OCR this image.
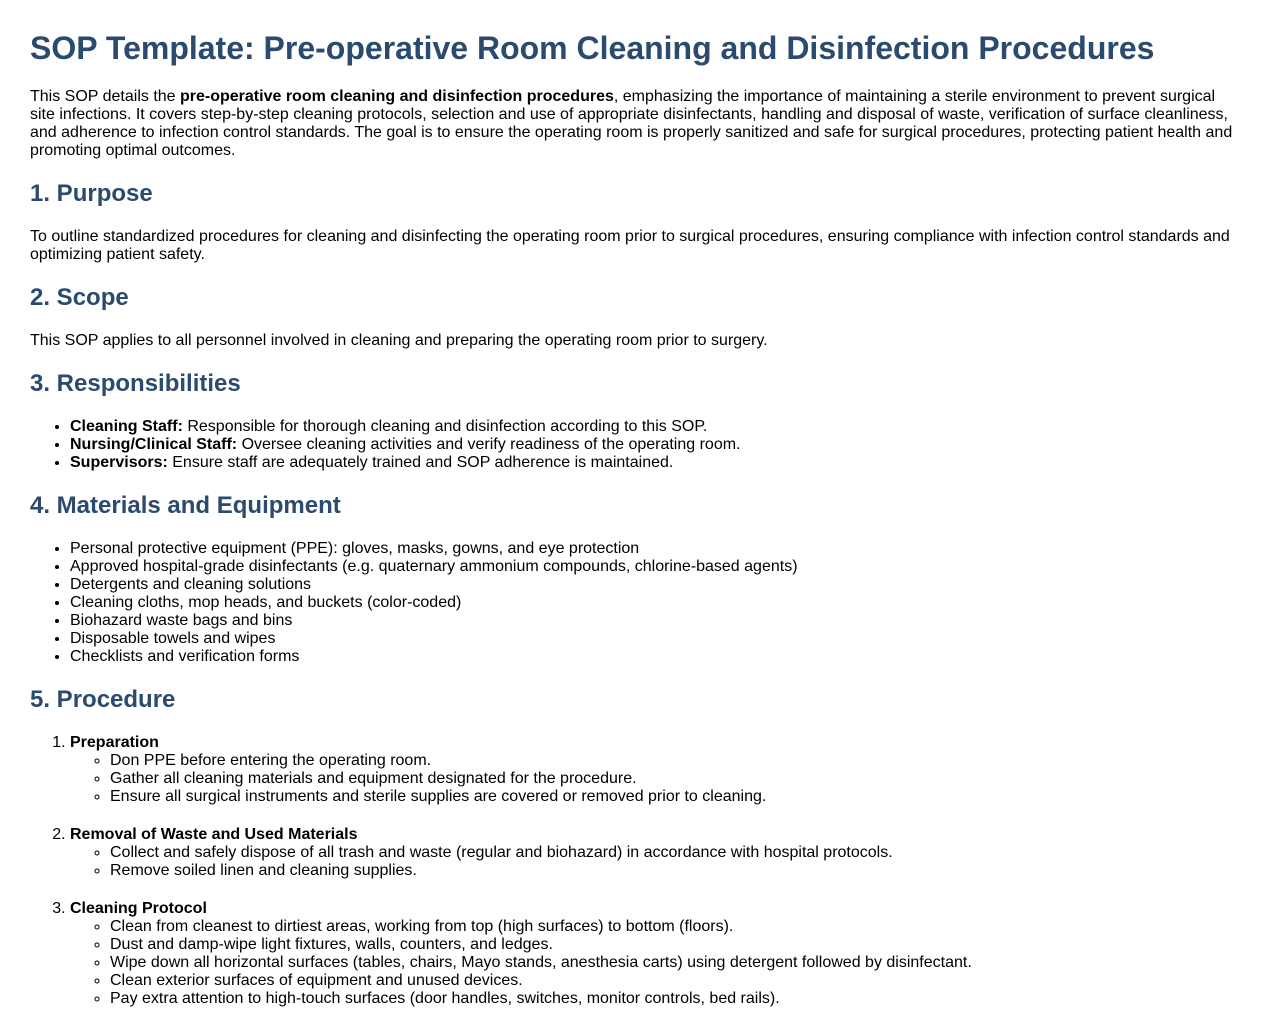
SOP Template: Pre-operative Room Cleaning and Disinfection Procedures

This SOP details the pre-operative room cleaning and disinfection procedures, emphasizing the importance of maintaining a sterile environment to prevent surgical site infections. It covers step-by-step cleaning protocols, selection and use of appropriate disinfectants, handling and disposal of waste, verification of surface cleanliness, and adherence to infection control standards. The goal is to ensure the operating room is properly sanitized and safe for surgical procedures, protecting patient health and promoting optimal outcomes.

1. Purpose

To outline standardized procedures for cleaning and disinfecting the operating room prior to surgical procedures, ensuring compliance with infection control standards and optimizing patient safety.

2. Scope

This SOP applies to all personnel involved in cleaning and preparing the operating room prior to surgery.

3. Responsibilities
• Cleaning Staff: Responsible for thorough cleaning and disinfection according to this SOP.
• Nursing/Clinical Staff: Oversee cleaning activities and verify readiness of the operating room.
• Supervisors: Ensure staff are adequately trained and SOP adherence is maintained.
4. Materials and Equipment
• Personal protective equipment (PPE): gloves, masks, gowns, and eye protection
• Approved hospital-grade disinfectants (e.g. quaternary ammonium compounds, chlorine-based agents)
• Detergents and cleaning solutions
• Cleaning cloths, mop heads, and buckets (color-coded)
• Biohazard waste bags and bins
• Disposable towels and wipes
• Checklists and verification forms
5. Procedure
1. Preparation
◦ Don PPE before entering the operating room.
◦ Gather all cleaning materials and equipment designated for the procedure.
◦ Ensure all surgical instruments and sterile supplies are covered or removed prior to cleaning.
2. Removal of Waste and Used Materials
◦ Collect and safely dispose of all trash and waste (regular and biohazard) in accordance with hospital protocols.
◦ Remove soiled linen and cleaning supplies.
3. Cleaning Protocol
◦ Clean from cleanest to dirtiest areas, working from top (high surfaces) to bottom (floors).
◦ Dust and damp-wipe light fixtures, walls, counters, and ledges.
◦ Wipe down all horizontal surfaces (tables, chairs, Mayo stands, anesthesia carts) using detergent followed by disinfectant.
◦ Clean exterior surfaces of equipment and unused devices.
◦ Pay extra attention to high-touch surfaces (door handles, switches, monitor controls, bed rails).
